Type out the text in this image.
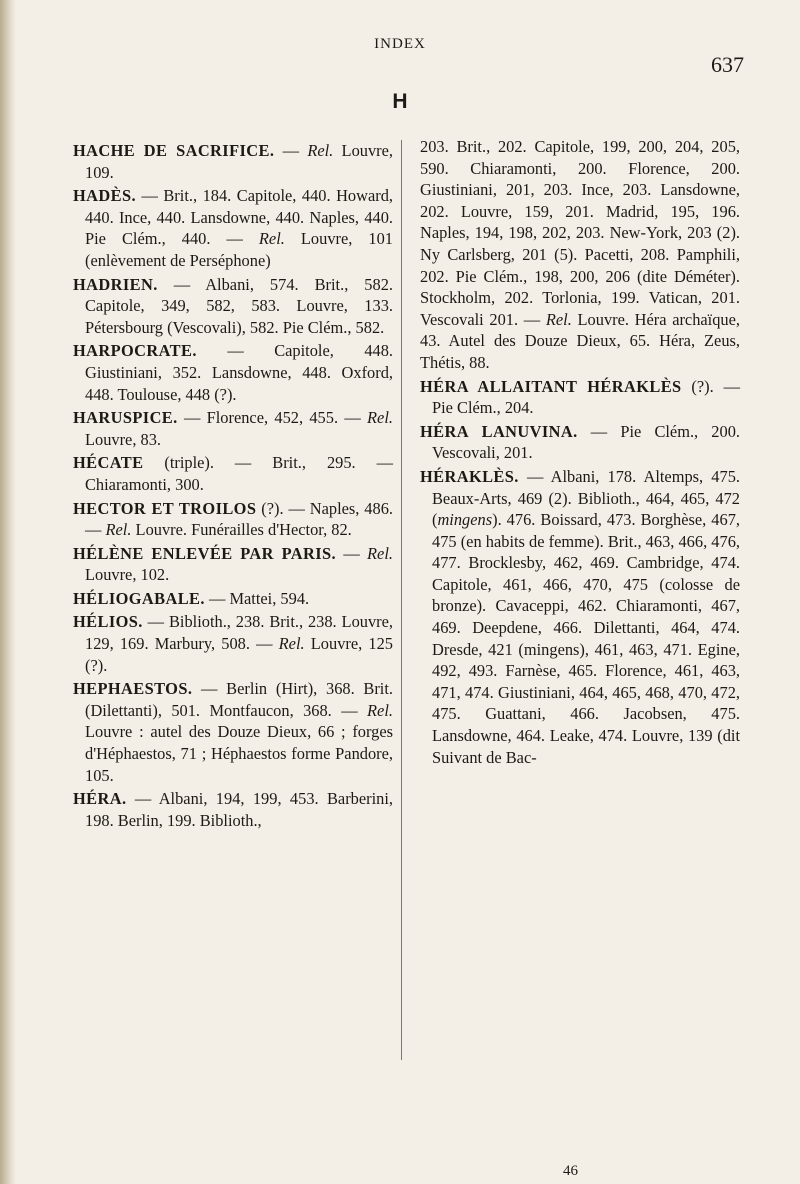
INDEX
637
H

HACHE DE SACRIFICE. — Rel. Louvre, 109.

HADÈS. — Brit., 184. Capitole, 440. Howard, 440. Ince, 440. Lansdowne, 440. Naples, 440. Pie Clém., 440. — Rel. Louvre, 101 (enlèvement de Perséphone)

HADRIEN. — Albani, 574. Brit., 582. Capitole, 349, 582, 583. Louvre, 133. Pétersbourg (Vescovali), 582. Pie Clém., 582.

HARPOCRATE. — Capitole, 448. Giustiniani, 352. Lansdowne, 448. Oxford, 448. Toulouse, 448 (?).

HARUSPICE. — Florence, 452, 455. — Rel. Louvre, 83.

HÉCATE (triple). — Brit., 295. — Chiaramonti, 300.

HECTOR ET TROILOS (?). — Naples, 486. — Rel. Louvre. Funérailles d'Hector, 82.

HÉLÈNE ENLEVÉE PAR PARIS. — Rel. Louvre, 102.

HÉLIOGABALE. — Mattei, 594.

HÉLIOS. — Biblioth., 238. Brit., 238. Louvre, 129, 169. Marbury, 508. — Rel. Louvre, 125 (?).

HEPHAESTOS. — Berlin (Hirt), 368. Brit. (Dilettanti), 501. Montfaucon, 368. — Rel. Louvre : autel des Douze Dieux, 66 ; forges d'Héphaestos, 71 ; Héphaestos forme Pandore, 105.

HÉRA. — Albani, 194, 199, 453. Barberini, 198. Berlin, 199. Biblioth.,

203. Brit., 202. Capitole, 199, 200, 204, 205, 590. Chiaramonti, 200. Florence, 200. Giustiniani, 201, 203. Ince, 203. Lansdowne, 202. Louvre, 159, 201. Madrid, 195, 196. Naples, 194, 198, 202, 203. New-York, 203 (2). Ny Carlsberg, 201 (5). Pacetti, 208. Pamphili, 202. Pie Clém., 198, 200, 206 (dite Déméter). Stockholm, 202. Torlonia, 199. Vatican, 201. Vescovali 201. — Rel. Louvre. Héra archaïque, 43. Autel des Douze Dieux, 65. Héra, Zeus, Thétis, 88.

HÉRA ALLAITANT HÉRAKLÈS (?). — Pie Clém., 204.

HÉRA LANUVINA. — Pie Clém., 200. Vescovali, 201.

HÉRAKLÈS. — Albani, 178. Altemps, 475. Beaux-Arts, 469 (2). Biblioth., 464, 465, 472 (mingens). 476. Boissard, 473. Borghèse, 467, 475 (en habits de femme). Brit., 463, 466, 476, 477. Brocklesby, 462, 469. Cambridge, 474. Capitole, 461, 466, 470, 475 (colosse de bronze). Cavaceppi, 462. Chiaramonti, 467, 469. Deepdene, 466. Dilettanti, 464, 474. Dresde, 421 (mingens), 461, 463, 471. Egine, 492, 493. Farnèse, 465. Florence, 461, 463, 471, 474. Giustiniani, 464, 465, 468, 470, 472, 475. Guattani, 466. Jacobsen, 475. Lansdowne, 464. Leake, 474. Louvre, 139 (dit Suivant de Bac-

46
